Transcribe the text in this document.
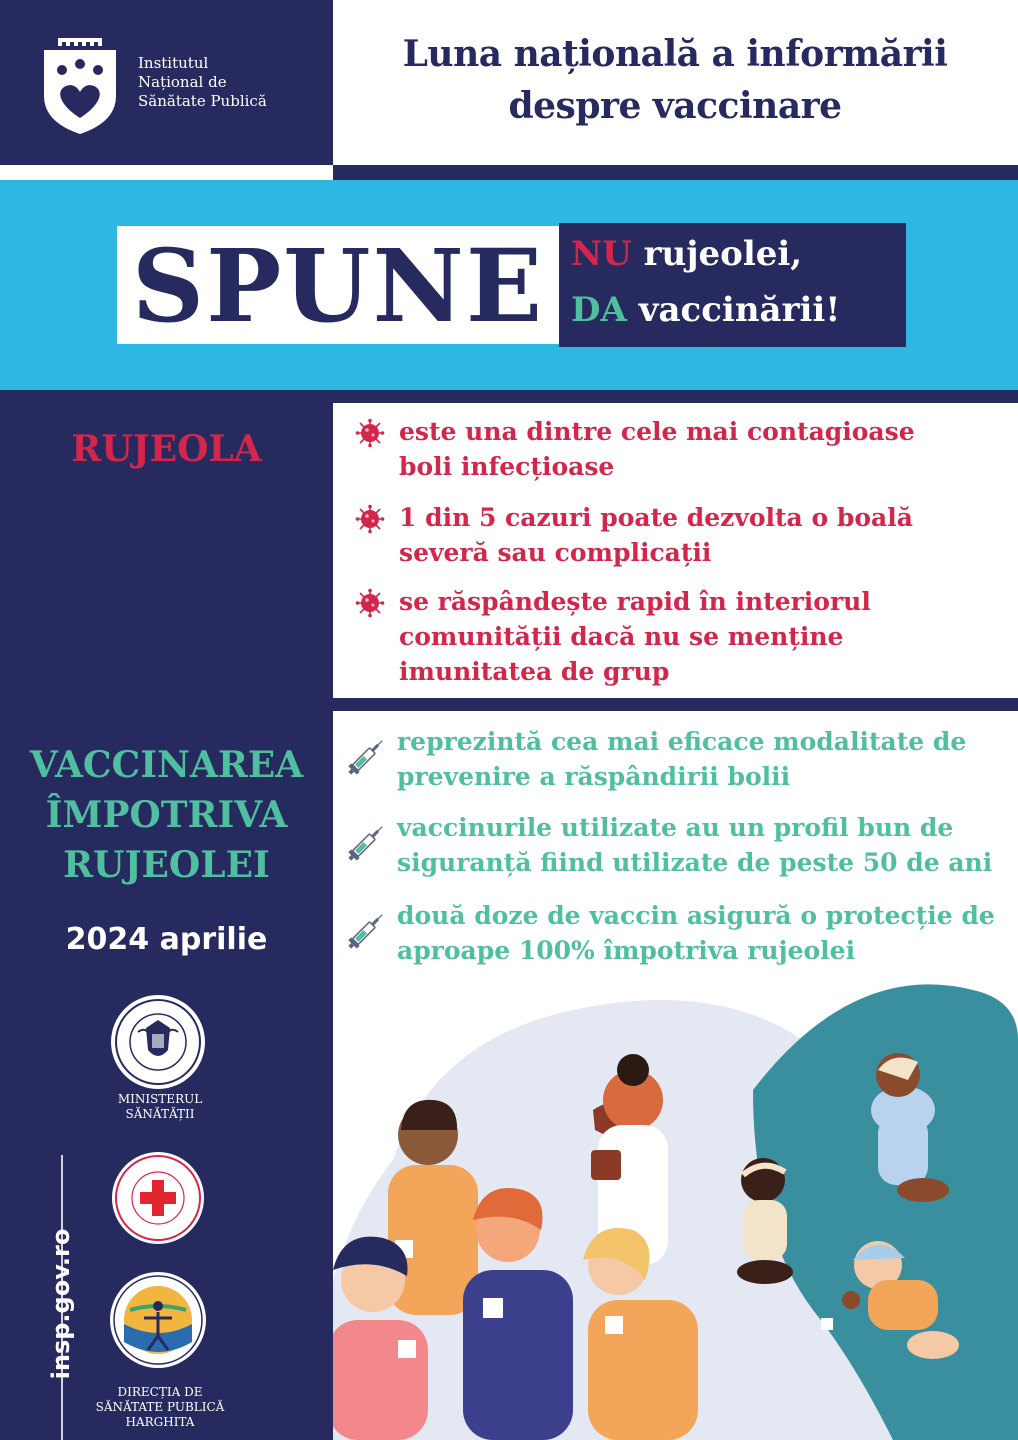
Institutul
Național de
Sănătate Publică
Luna națională a informării
despre vaccinare
SPUNE NU rujeolei,
DA vaccinării!
RUJEOLA	este una dintre cele mai contagioase
boli infecțioase
1 din 5 cazuri poate dezvolta o boală
severă sau complicații
se răspândește rapid în interiorul
comunității dacă nu se menține
imunitatea de grup
VACCINAREA
ÎMPOTRIVA
RUJEOLEI
2024 aprilie
reprezintă cea mai eficace modalitate de
prevenire a răspândirii bolii
vaccinurile utilizate au un profil bun de
siguranță fiind utilizate de peste 50 de ani
două doze de vaccin asigură o protecție de
aproape 100% împotriva rujeolei
MINISTERUL
SĂNĂTĂȚII
DIRECȚIA DE
SĂNĂTATE PUBLICĂ
HARGHITA
insp.gov.ro
